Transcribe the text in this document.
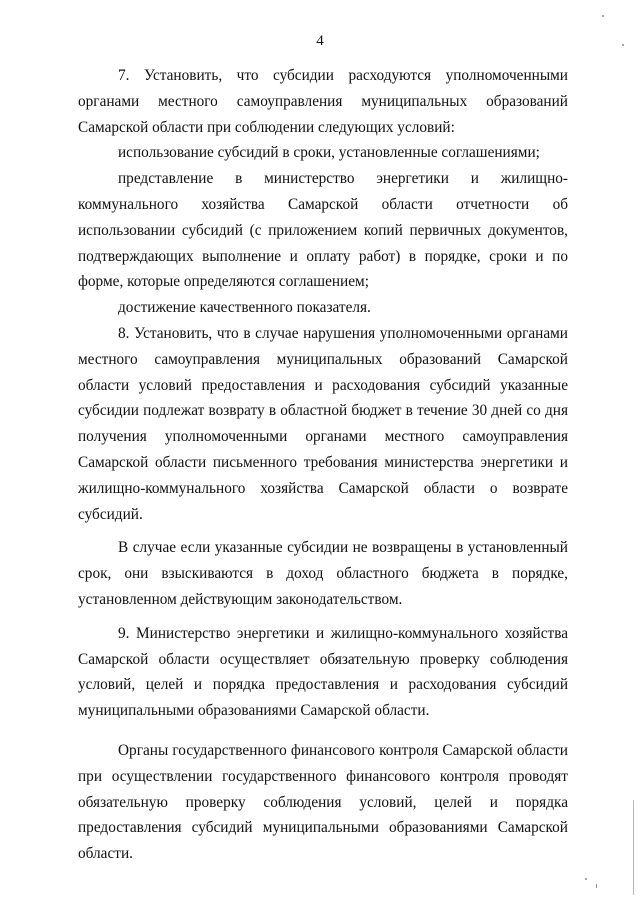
4

7. Установить, что субсидии расходуются уполномоченными органами местного самоуправления муниципальных образований Самарской области при соблюдении следующих условий:

использование субсидий в сроки, установленные соглашениями;

представление в министерство энергетики и жилищно-коммунального хозяйства Самарской области отчетности об использовании субсидий (с приложением копий первичных документов, подтверждающих выполнение и оплату работ) в порядке, сроки и по форме, которые определяются соглашением;

достижение качественного показателя.

8. Установить, что в случае нарушения уполномоченными органами местного самоуправления муниципальных образований Самарской области условий предоставления и расходования субсидий указанные субсидии подлежат возврату в областной бюджет в течение 30 дней со дня получения уполномоченными органами местного самоуправления Самарской области письменного требования министерства энергетики и жилищно-коммунального хозяйства Самарской области о возврате субсидий.

В случае если указанные субсидии не возвращены в установленный срок, они взыскиваются в доход областного бюджета в порядке, установленном действующим законодательством.

9. Министерство энергетики и жилищно-коммунального хозяйства Самарской области осуществляет обязательную проверку соблюдения условий, целей и порядка предоставления и расходования субсидий муниципальными образованиями Самарской области.

Органы государственного финансового контроля Самарской области при осуществлении государственного финансового контроля проводят обязательную проверку соблюдения условий, целей и порядка предоставления субсидий муниципальными образованиями Самарской области.
